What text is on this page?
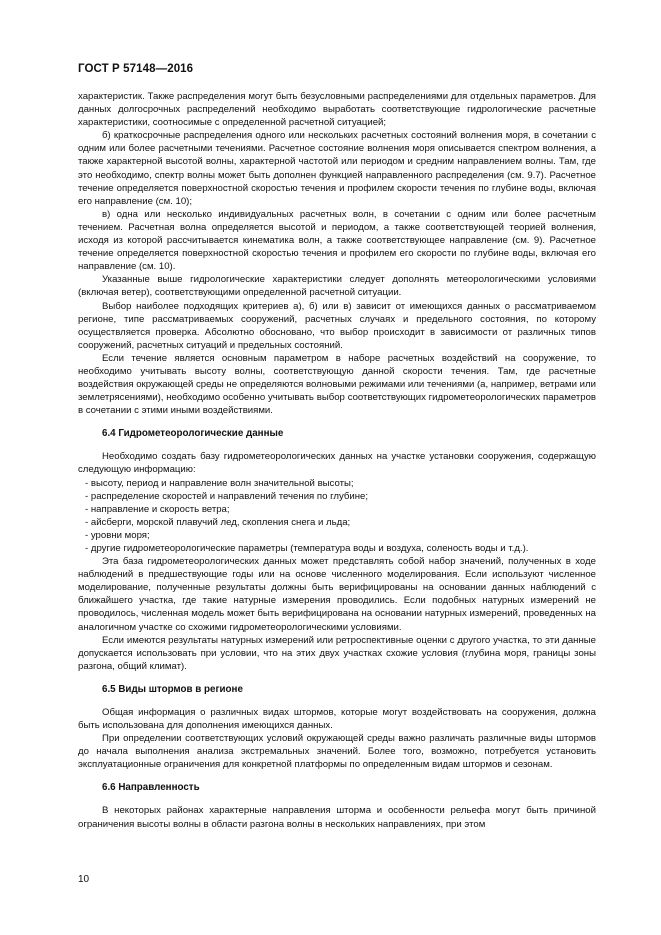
ГОСТ Р 57148—2016

характеристик. Также распределения могут быть безусловными распределениями для отдельных параметров. Для данных долгосрочных распределений необходимо выработать соответствующие гидрологические расчетные характеристики, соотносимые с определенной расчетной ситуацией;

б) краткосрочные распределения одного или нескольких расчетных состояний волнения моря, в сочетании с одним или более расчетными течениями. Расчетное состояние волнения моря описывается спектром волнения, а также характерной высотой волны, характерной частотой или периодом и средним направлением волны. Там, где это необходимо, спектр волны может быть дополнен функцией направленного распределения (см. 9.7). Расчетное течение определяется поверхностной скоростью течения и профилем скорости течения по глубине воды, включая его направление (см. 10);

в) одна или несколько индивидуальных расчетных волн, в сочетании с одним или более расчетным течением. Расчетная волна определяется высотой и периодом, а также соответствующей теорией волнения, исходя из которой рассчитывается кинематика волн, а также соответствующее направление (см. 9). Расчетное течение определяется поверхностной скоростью течения и профилем его скорости по глубине воды, включая его направление (см. 10).

Указанные выше гидрологические характеристики следует дополнять метеорологическими условиями (включая ветер), соответствующими определенной расчетной ситуации.

Выбор наиболее подходящих критериев а), б) или в) зависит от имеющихся данных о рассматриваемом регионе, типе рассматриваемых сооружений, расчетных случаях и предельного состояния, по которому осуществляется проверка. Абсолютно обосновано, что выбор происходит в зависимости от различных типов сооружений, расчетных ситуаций и предельных состояний.

Если течение является основным параметром в наборе расчетных воздействий на сооружение, то необходимо учитывать высоту волны, соответствующую данной скорости течения. Там, где расчетные воздействия окружающей среды не определяются волновыми режимами или течениями (а, например, ветрами или землетрясениями), необходимо особенно учитывать выбор соответствующих гидрометеорологических параметров в сочетании с этими иными воздействиями.

6.4 Гидрометеорологические данные

Необходимо создать базу гидрометеорологических данных на участке установки сооружения, содержащую следующую информацию:

- высоту, период и направление волн значительной высоты;

- распределение скоростей и направлений течения по глубине;

- направление и скорость ветра;

- айсберги, морской плавучий лед, скопления снега и льда;

- уровни моря;

- другие гидрометеорологические параметры (температура воды и воздуха, соленость воды и т.д.).

Эта база гидрометеорологических данных может представлять собой набор значений, полученных в ходе наблюдений в предшествующие годы или на основе численного моделирования. Если используют численное моделирование, полученные результаты должны быть верифицированы на основании данных наблюдений с ближайшего участка, где такие натурные измерения проводились. Если подобных натурных измерений не проводилось, численная модель может быть верифицирована на основании натурных измерений, проведенных на аналогичном участке со схожими гидрометеорологическими условиями.

Если имеются результаты натурных измерений или ретроспективные оценки с другого участка, то эти данные допускается использовать при условии, что на этих двух участках схожие условия (глубина моря, границы зоны разгона, общий климат).

6.5 Виды штормов в регионе

Общая информация о различных видах штормов, которые могут воздействовать на сооружения, должна быть использована для дополнения имеющихся данных.

При определении соответствующих условий окружающей среды важно различать различные виды штормов до начала выполнения анализа экстремальных значений. Более того, возможно, потребуется установить эксплуатационные ограничения для конкретной платформы по определенным видам штормов и сезонам.

6.6 Направленность

В некоторых районах характерные направления шторма и особенности рельефа могут быть причиной ограничения высоты волны в области разгона волны в нескольких направлениях, при этом

10
